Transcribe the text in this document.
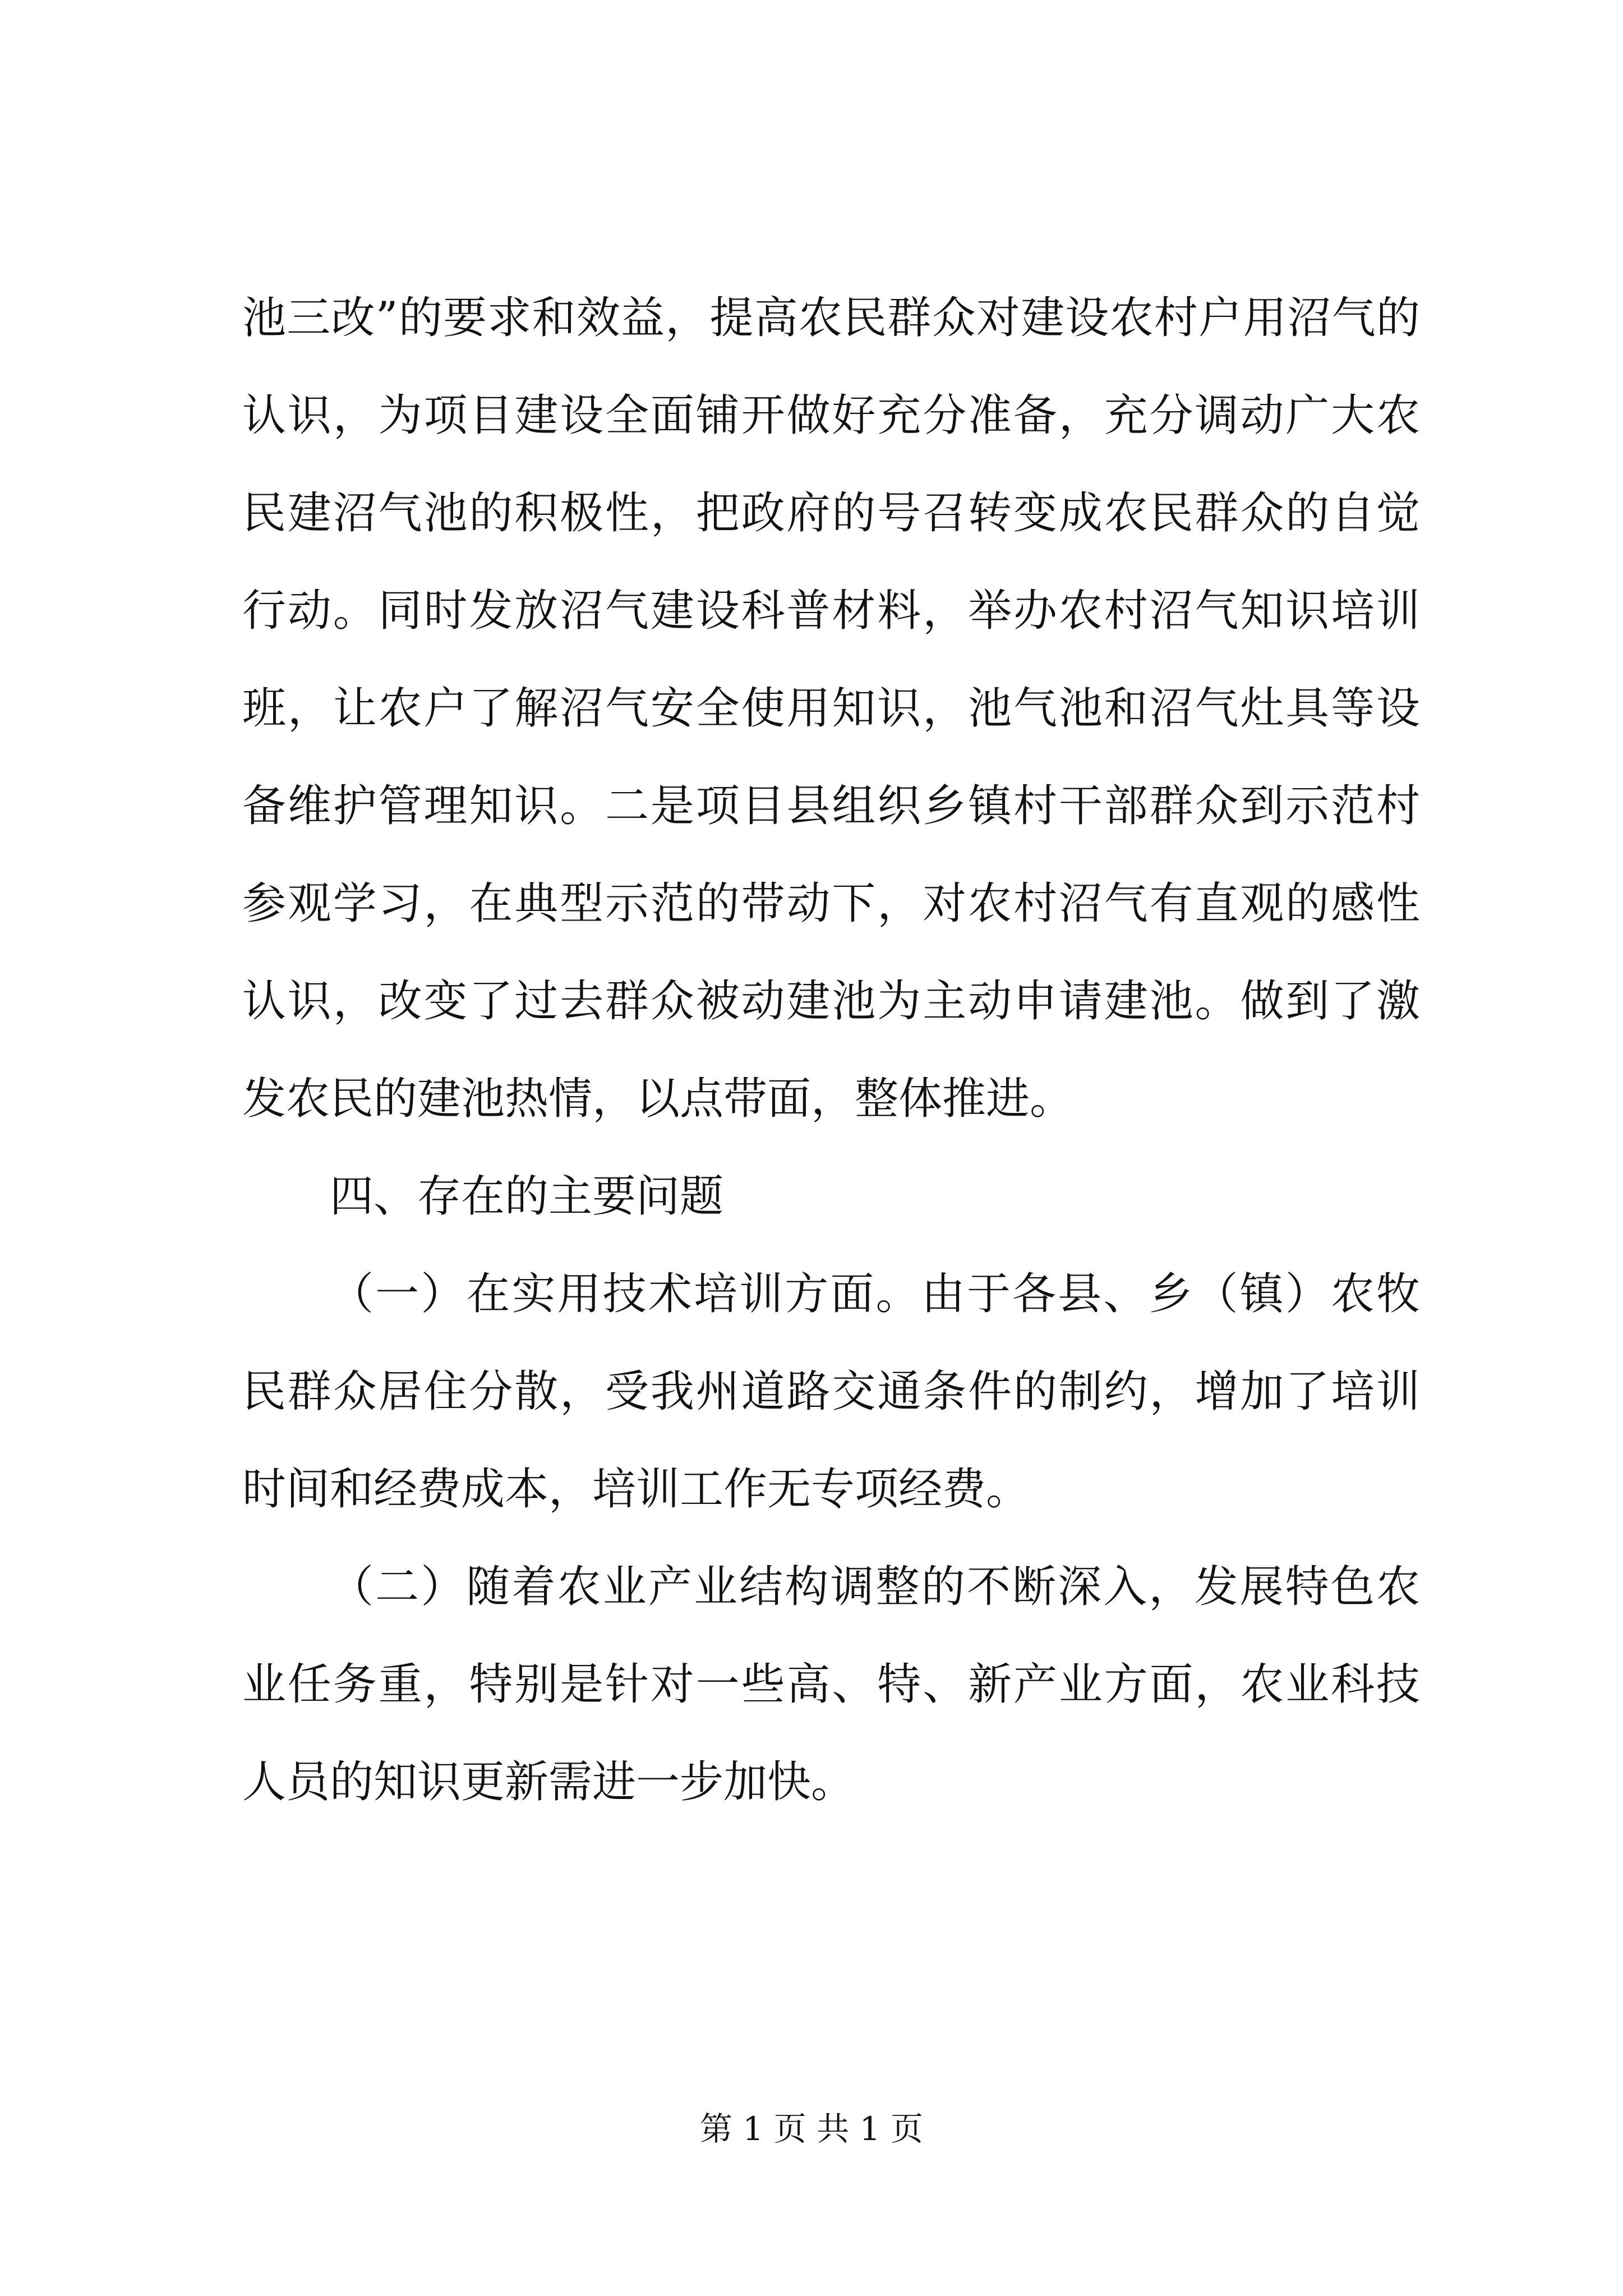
池三改”的要求和效益，提高农民群众对建设农村户用沼气的认识，为项目建设全面铺开做好充分准备，充分调动广大农民建沼气池的积极性，把政府的号召转变成农民群众的自觉行动。同时发放沼气建设科普材料，举办农村沼气知识培训班，让农户了解沼气安全使用知识，池气池和沼气灶具等设备维护管理知识。二是项目县组织乡镇村干部群众到示范村参观学习，在典型示范的带动下，对农村沼气有直观的感性认识，改变了过去群众被动建池为主动申请建池。做到了激发农民的建池热情，以点带面，整体推进。

四、存在的主要问题

（一）在实用技术培训方面。由于各县、乡（镇）农牧民群众居住分散，受我州道路交通条件的制约，增加了培训时间和经费成本，培训工作无专项经费。

（二）随着农业产业结构调整的不断深入，发展特色农业任务重，特别是针对一些高、特、新产业方面，农业科技人员的知识更新需进一步加快。

第 1 页 共 1 页
